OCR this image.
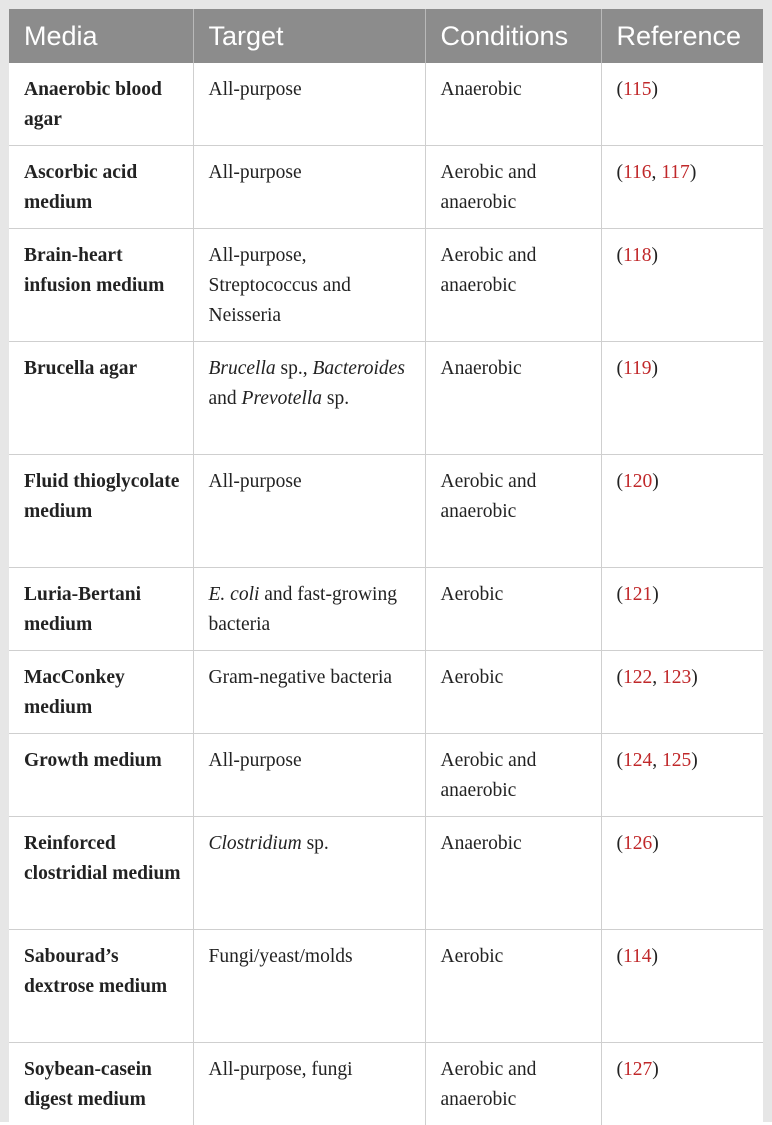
Media	Target	Conditions	Reference
Anaerobic blood agar	All-purpose	Anaerobic	(115)
Ascorbic acid medium	All-purpose	Aerobic and anaerobic	(116, 117)
Brain-heart infusion medium	All-purpose, Streptococcus and Neisseria	Aerobic and anaerobic	(118)
Brucella agar	Brucella sp., Bacteroides and Prevotella sp.	Anaerobic	(119)
Fluid thioglycolate medium	All-purpose	Aerobic and anaerobic	(120)
Luria-Bertani medium	E. coli and fast-growing bacteria	Aerobic	(121)
MacConkey medium	Gram-negative bacteria	Aerobic	(122, 123)
Growth medium	All-purpose	Aerobic and anaerobic	(124, 125)
Reinforced clostridial medium	Clostridium sp.	Anaerobic	(126)
Sabourad’s dextrose medium	Fungi/yeast/molds	Aerobic	(114)
Soybean-casein digest medium	All-purpose, fungi	Aerobic and anaerobic	(127)
